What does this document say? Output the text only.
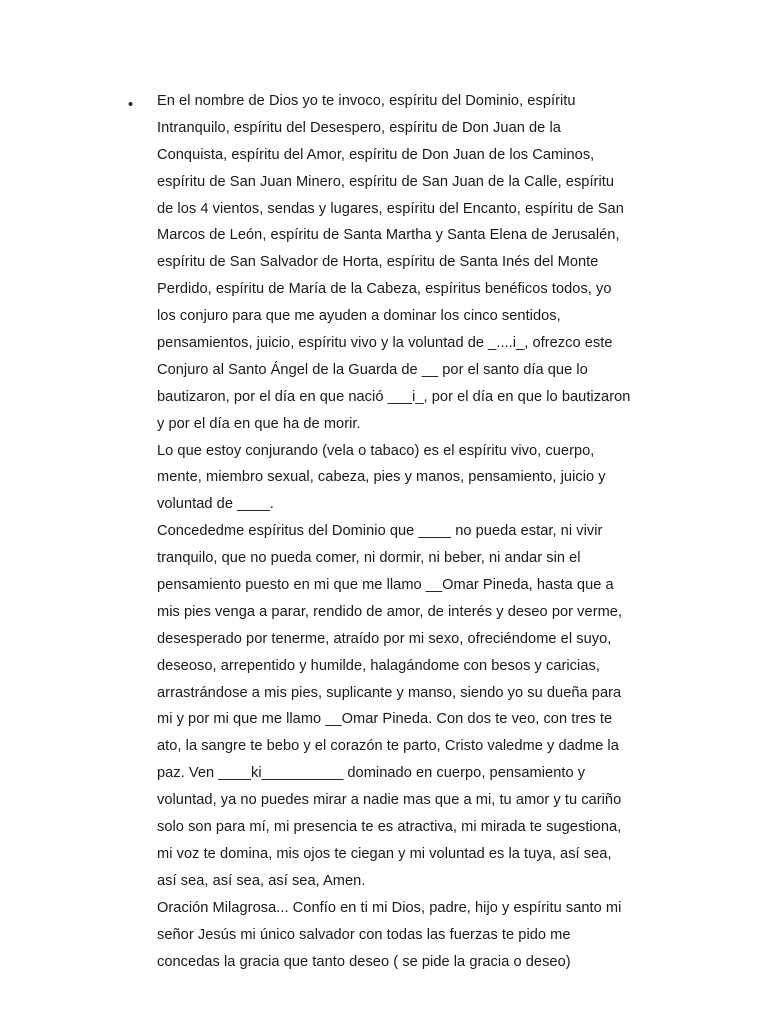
• En el nombre de Dios yo te invoco, espíritu del Dominio, espíritu
Intranquilo, espíritu del Desespero, espíritu de Don Juan de la
Conquista, espíritu del Amor, espíritu de Don Juan de los Caminos,
espíritu de San Juan Minero, espíritu de San Juan de la Calle, espíritu
de los 4 vientos, sendas y lugares, espíritu del Encanto, espíritu de San
Marcos de León, espíritu de Santa Martha y Santa Elena de Jerusalén,
espíritu de San Salvador de Horta, espíritu de Santa Inés del Monte
Perdido, espíritu de María de la Cabeza, espíritus benéficos todos, yo
los conjuro para que me ayuden a dominar los cinco sentidos,
pensamientos, juicio, espíritu vivo y la voluntad de _....i_, ofrezco este
Conjuro al Santo Ángel de la Guarda de __ por el santo día que lo
bautizaron, por el día en que nació ___i_, por el día en que lo bautizaron
y por el día en que ha de morir.
Lo que estoy conjurando (vela o tabaco) es el espíritu vivo, cuerpo,
mente, miembro sexual, cabeza, pies y manos, pensamiento, juicio y
voluntad de ____.
Concededme espíritus del Dominio que ____ no pueda estar, ni vivir
tranquilo, que no pueda comer, ni dormir, ni beber, ni andar sin el
pensamiento puesto en mi que me llamo __Omar Pineda, hasta que a
mis pies venga a parar, rendido de amor, de interés y deseo por verme,
desesperado por tenerme, atraído por mi sexo, ofreciéndome el suyo,
deseoso, arrepentido y humilde, halagándome con besos y caricias,
arrastrándose a mis pies, suplicante y manso, siendo yo su dueña para
mi y por mi que me llamo __Omar Pineda. Con dos te veo, con tres te
ato, la sangre te bebo y el corazón te parto, Cristo valedme y dadme la
paz. Ven ____ki__________ dominado en cuerpo, pensamiento y
voluntad, ya no puedes mirar a nadie mas que a mi, tu amor y tu cariño
solo son para mí, mi presencia te es atractiva, mi mirada te sugestiona,
mi voz te domina, mis ojos te ciegan y mi voluntad es la tuya, así sea,
así sea, así sea, así sea, Amen.
Oración Milagrosa... Confío en ti mi Dios, padre, hijo y espíritu santo mi
señor Jesús mi único salvador con todas las fuerzas te pido me
concedas la gracia que tanto deseo ( se pide la gracia o deseo)
